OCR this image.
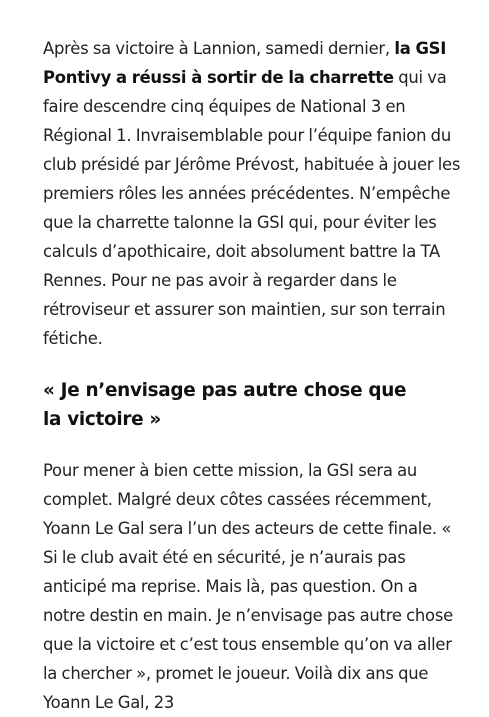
Après sa victoire à Lannion, samedi dernier, la GSI Pontivy a réussi à sortir de la charrette qui va faire descendre cinq équipes de National 3 en Régional 1. Invraisemblable pour l’équipe fanion du club présidé par Jérôme Prévost, habituée à jouer les premiers rôles les années précédentes. N’empêche que la charrette talonne la GSI qui, pour éviter les calculs d’apothicaire, doit absolument battre la TA Rennes. Pour ne pas avoir à regarder dans le rétroviseur et assurer son maintien, sur son terrain fétiche.

« Je n’envisage pas autre chose que la victoire »

Pour mener à bien cette mission, la GSI sera au complet. Malgré deux côtes cassées récemment, Yoann Le Gal sera l’un des acteurs de cette finale. « Si le club avait été en sécurité, je n’aurais pas anticipé ma reprise. Mais là, pas question. On a notre destin en main. Je n’envisage pas autre chose que la victoire et c’est tous ensemble qu’on va aller la chercher », promet le joueur. Voilà dix ans que Yoann Le Gal, 23
